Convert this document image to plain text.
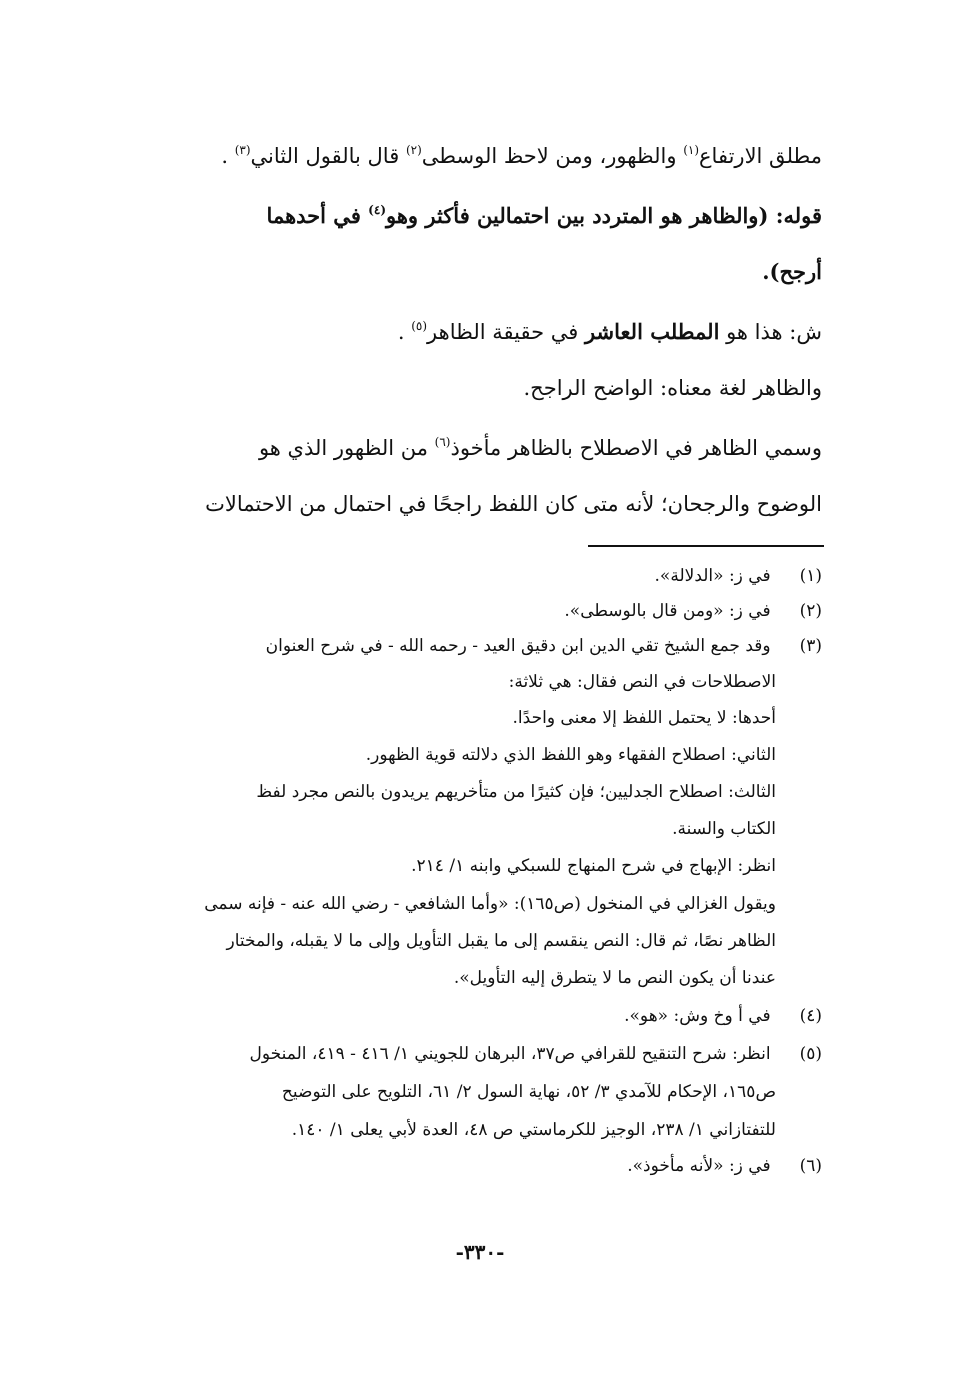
مطلق الارتفاع$^{(١)}$ والظهور، ومن لاحظ الوسطى$^{(٢)}$ قال بالقول الثاني$^{(٣)}$ .
قوله: (والظاهر هو المتردد بين احتمالين فأكثر وهو$^{(٤)}$ في أحدهما
أرجح).
ش: هذا هو المطلب العاشر في حقيقة الظاهر$^{(٥)}$ .
والظاهر لغة معناه: الواضح الراجح.
وسمي الظاهر في الاصطلاح بالظاهر مأخوذ$^{(٦)}$ من الظهور الذي هو
الوضوح والرجحان؛ لأنه متى كان اللفظ راجحًا في احتمال من الاحتمالات
(١) في ز: «الدلالة».
(٢) في ز: «ومن قال بالوسطى».
(٣) وقد جمع الشيخ تقي الدين ابن دقيق العيد - رحمه الله - في شرح العنوان
الاصطلاحات في النص فقال: هي ثلاثة:
أحدها: لا يحتمل اللفظ إلا معنى واحدًا.
الثاني: اصطلاح الفقهاء وهو اللفظ الذي دلالته قوية الظهور.
الثالث: اصطلاح الجدليين؛ فإن كثيرًا من متأخريهم يريدون بالنص مجرد لفظ
الكتاب والسنة.
انظر: الإبهاج في شرح المنهاج للسبكي وابنه ١/ ٢١٤.
ويقول الغزالي في المنخول (ص١٦٥): «وأما الشافعي - رضي الله عنه - فإنه سمى
الظاهر نصًا، ثم قال: النص ينقسم إلى ما يقبل التأويل وإلى ما لا يقبله، والمختار
عندنا أن يكون النص ما لا يتطرق إليه التأويل».
(٤) في أ وخ وش: «هو».
(٥) انظر: شرح التنقيح للقرافي ص٣٧، البرهان للجويني ١/ ٤١٦ - ٤١٩، المنخول
ص١٦٥، الإحكام للآمدي ٣/ ٥٢، نهاية السول ٢/ ٦١، التلويح على التوضيح
للتفتازاني ١/ ٢٣٨، الوجيز للكرماستي ص ٤٨، العدة لأبي يعلى ١/ ١٤٠.
(٦) في ز: «لأنه مأخوذ».
-٣٣٠-
